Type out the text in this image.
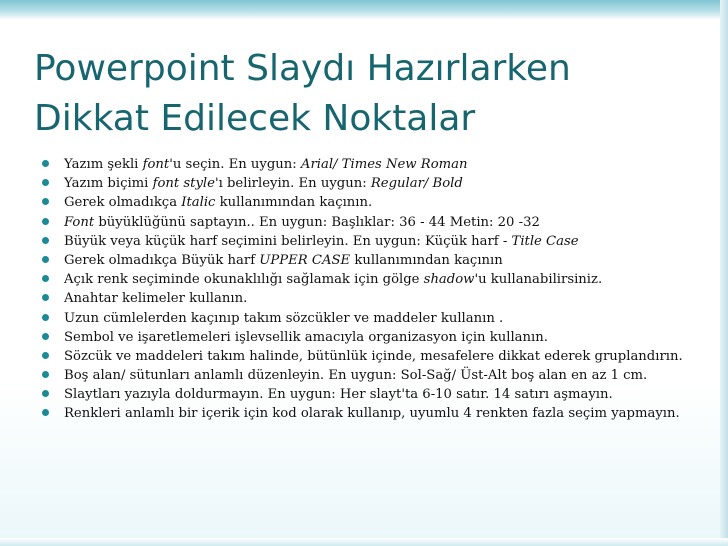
Powerpoint Slaydı Hazırlarken
Dikkat Edilecek Noktalar
Yazım şekli font'u seçin. En uygun: Arial/ Times New Roman
Yazım biçimi font style'ı belirleyin. En uygun: Regular/ Bold
Gerek olmadıkça Italic kullanımından kaçının.
Font büyüklüğünü saptayın.. En uygun: Başlıklar: 36 - 44 Metin: 20 -32
Büyük veya küçük harf seçimini belirleyin. En uygun: Küçük harf - Title Case
Gerek olmadıkça Büyük harf UPPER CASE kullanımından kaçının
Açık renk seçiminde okunaklılığı sağlamak için gölge shadow'u kullanabilirsiniz.
Anahtar kelimeler kullanın.
Uzun cümlelerden kaçınıp takım sözcükler ve maddeler kullanın .
Sembol ve işaretlemeleri işlevsellik amacıyla organizasyon için kullanın.
Sözcük ve maddeleri takım halinde, bütünlük içinde, mesafelere dikkat ederek gruplandırın.
Boş alan/ sütunları anlamlı düzenleyin. En uygun: Sol-Sağ/ Üst-Alt boş alan en az 1 cm.
Slaytları yazıyla doldurmayın. En uygun: Her slayt'ta 6-10 satır. 14 satırı aşmayın.
Renkleri anlamlı bir içerik için kod olarak kullanıp, uyumlu 4 renkten fazla seçim yapmayın.
